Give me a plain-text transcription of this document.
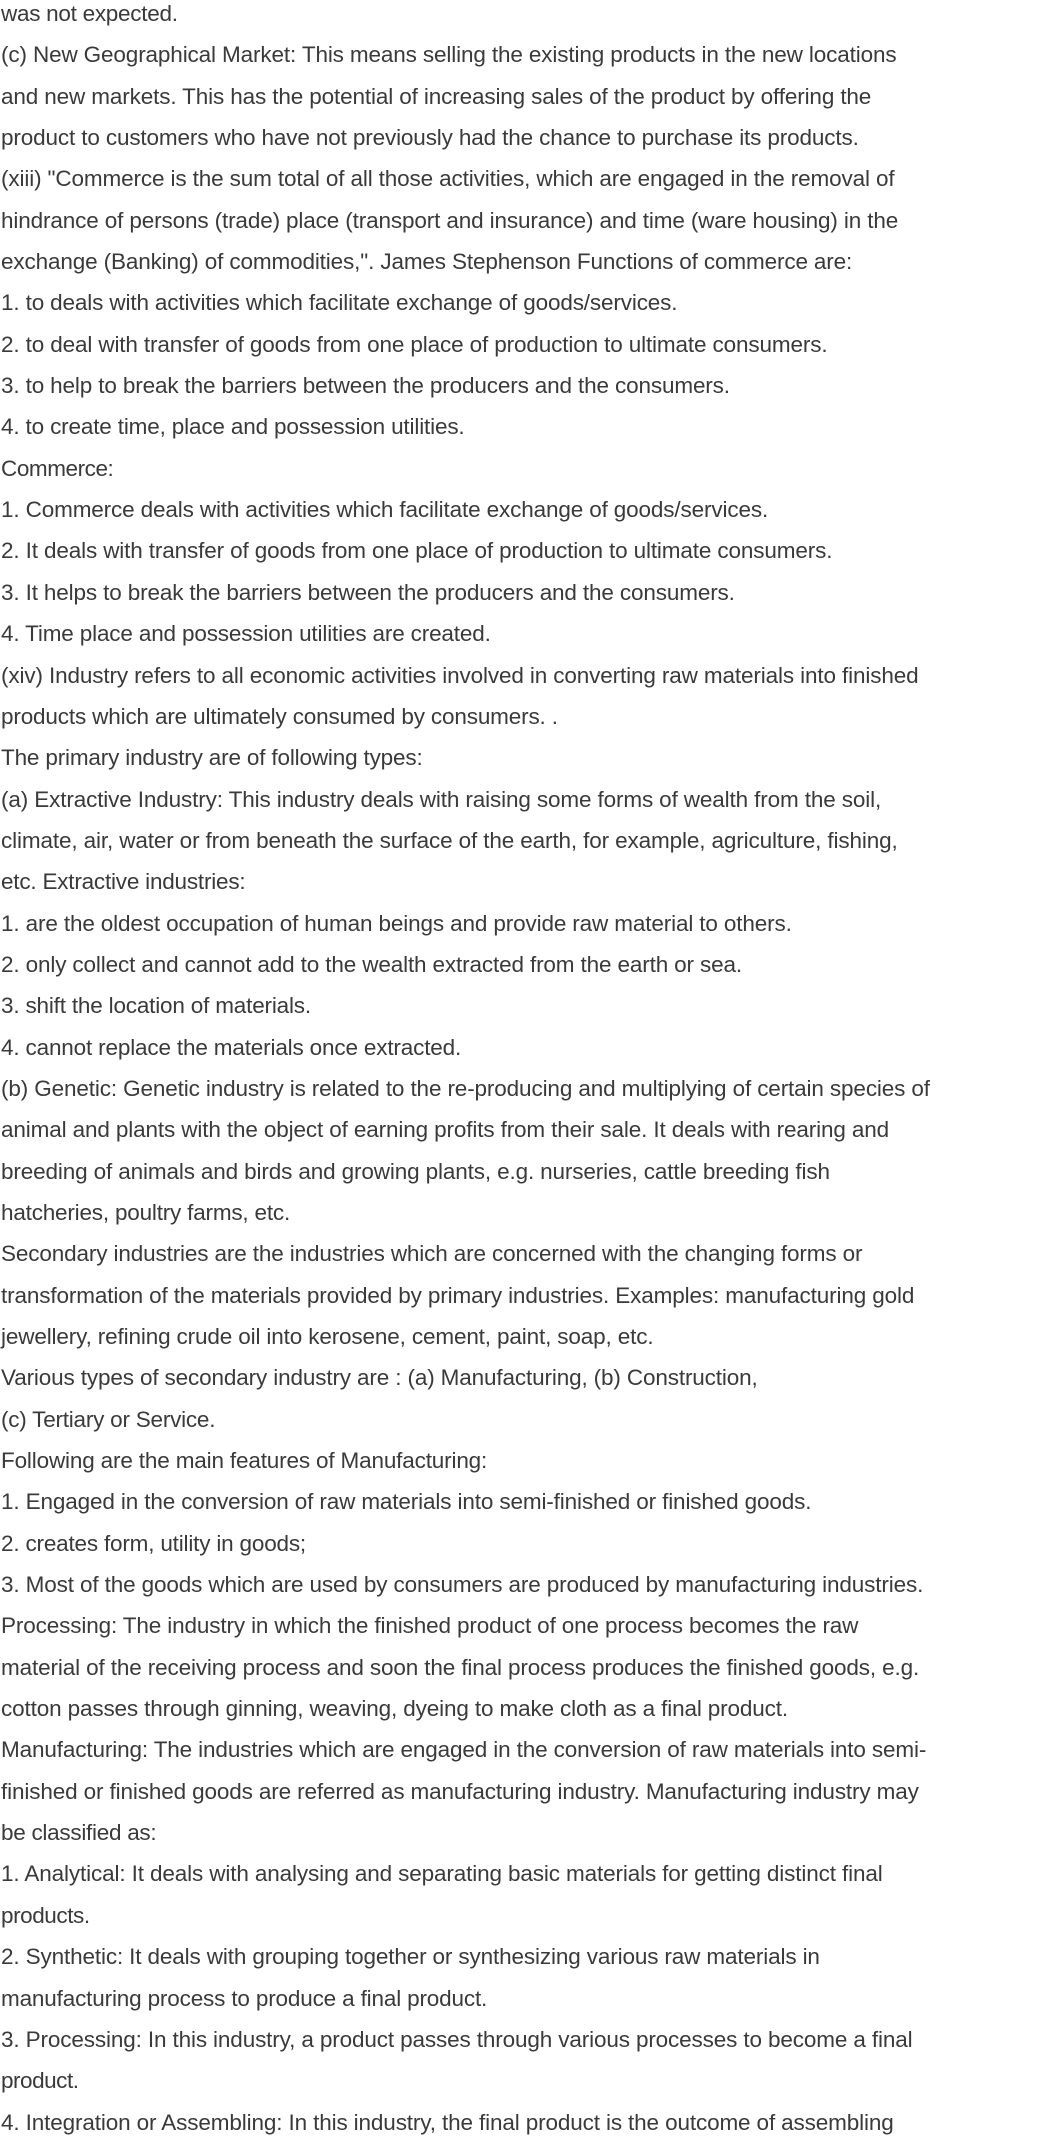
was not expected.
(c) New Geographical Market: This means selling the existing products in the new locations
and new markets. This has the potential of increasing sales of the product by offering the
product to customers who have not previously had the chance to purchase its products.
(xiii) "Commerce is the sum total of all those activities, which are engaged in the removal of
hindrance of persons (trade) place (transport and insurance) and time (ware housing) in the
exchange (Banking) of commodities,". James Stephenson Functions of commerce are:
1. to deals with activities which facilitate exchange of goods/services.
2. to deal with transfer of goods from one place of production to ultimate consumers.
3. to help to break the barriers between the producers and the consumers.
4. to create time, place and possession utilities.
Commerce:
1. Commerce deals with activities which facilitate exchange of goods/services.
2. It deals with transfer of goods from one place of production to ultimate consumers.
3. It helps to break the barriers between the producers and the consumers.
4. Time place and possession utilities are created.
(xiv) Industry refers to all economic activities involved in converting raw materials into finished
products which are ultimately consumed by consumers. .
The primary industry are of following types:
(a) Extractive Industry: This industry deals with raising some forms of wealth from the soil,
climate, air, water or from beneath the surface of the earth, for example, agriculture, fishing,
etc. Extractive industries:
1. are the oldest occupation of human beings and provide raw material to others.
2. only collect and cannot add to the wealth extracted from the earth or sea.
3. shift the location of materials.
4. cannot replace the materials once extracted.
(b) Genetic: Genetic industry is related to the re-producing and multiplying of certain species of
animal and plants with the object of earning profits from their sale. It deals with rearing and
breeding of animals and birds and growing plants, e.g. nurseries, cattle breeding fish
hatcheries, poultry farms, etc.
Secondary industries are the industries which are concerned with the changing forms or
transformation of the materials provided by primary industries. Examples: manufacturing gold
jewellery, refining crude oil into kerosene, cement, paint, soap, etc.
Various types of secondary industry are : (a) Manufacturing, (b) Construction,
(c) Tertiary or Service.
Following are the main features of Manufacturing:
1. Engaged in the conversion of raw materials into semi-finished or finished goods.
2. creates form, utility in goods;
3. Most of the goods which are used by consumers are produced by manufacturing industries.
Processing: The industry in which the finished product of one process becomes the raw
material of the receiving process and soon the final process produces the finished goods, e.g.
cotton passes through ginning, weaving, dyeing to make cloth as a final product.
Manufacturing: The industries which are engaged in the conversion of raw materials into semi-
finished or finished goods are referred as manufacturing industry. Manufacturing industry may
be classified as:
1. Analytical: It deals with analysing and separating basic materials for getting distinct final
products.
2. Synthetic: It deals with grouping together or synthesizing various raw materials in
manufacturing process to produce a final product.
3. Processing: In this industry, a product passes through various processes to become a final
product.
4. Integration or Assembling: In this industry, the final product is the outcome of assembling
